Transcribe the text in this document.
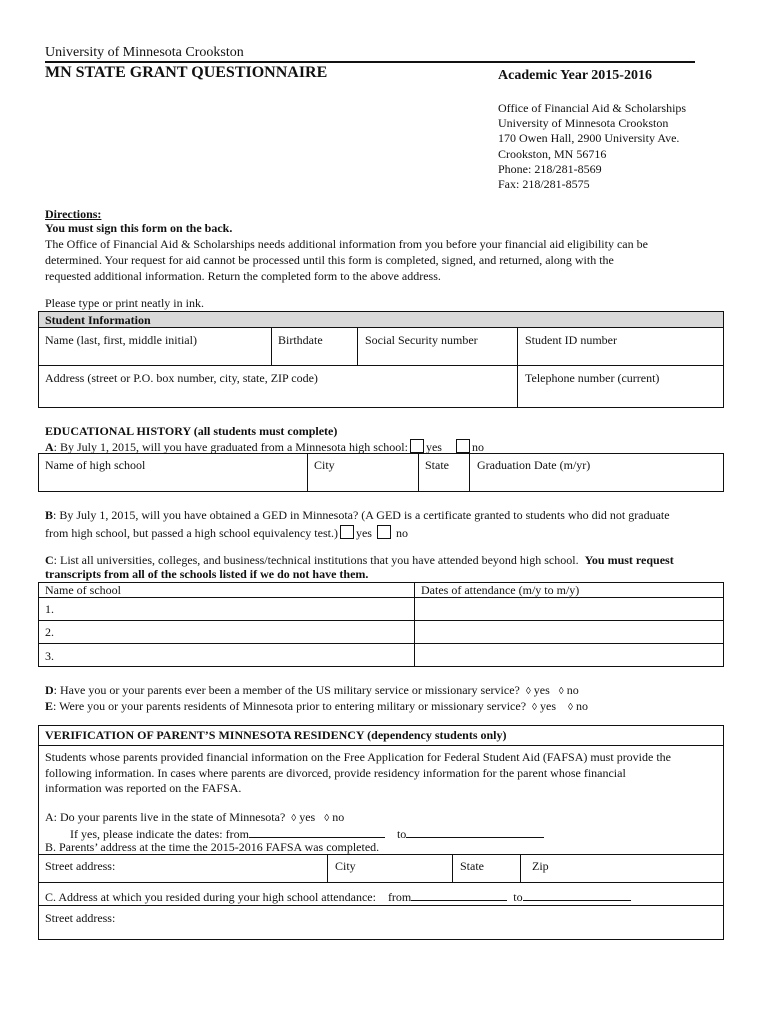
University of Minnesota Crookston
MN STATE GRANT QUESTIONNAIRE	Academic Year 2015-2016
Office of Financial Aid & Scholarships
University of Minnesota Crookston
170 Owen Hall, 2900 University Ave.
Crookston, MN 56716
Phone: 218/281-8569
Fax: 218/281-8575
Directions:
You must sign this form on the back.
The Office of Financial Aid & Scholarships needs additional information from you before your financial aid eligibility can be
determined. Your request for aid cannot be processed until this form is completed, signed, and returned, along with the
requested additional information. Return the completed form to the above address.
Please type or print neatly in ink.
Student Information
Name (last, first, middle initial)	Birthdate	Social Security number	Student ID number
Address (street or P.O. box number, city, state, ZIP code)	Telephone number (current)
EDUCATIONAL HISTORY (all students must complete)
A: By July 1, 2015, will you have graduated from a Minnesota high school: yes	no
Name of high school	City	State Graduation Date (m/yr)
B: By July 1, 2015, will you have obtained a GED in Minnesota? (A GED is a certificate granted to students who did not graduate
from high school, but passed a high school equivalency test.) yes no
C: List all universities, colleges, and business/technical institutions that you have attended beyond high school. You must request
transcripts from all of the schools listed if we do not have them.
Name of school	Dates of attendance (m/y to m/y)
1.
2.
3.
D: Have you or your parents ever been a member of the US military service or missionary service? ◊ yes ◊ no
E: Were you or your parents residents of Minnesota prior to entering military or missionary service? ◊ yes ◊ no
VERIFICATION OF PARENT’S MINNESOTA RESIDENCY (dependency students only)
Students whose parents provided financial information on the Free Application for Federal Student Aid (FAFSA) must provide the
following information. In cases where parents are divorced, provide residency information for the parent whose financial
information was reported on the FAFSA.
A: Do your parents live in the state of Minnesota? ◊ yes ◊ no
If yes, please indicate the dates: from	to
B. Parents’ address at the time the 2015-2016 FAFSA was completed.
Street address:	City	State	Zip
C. Address at which you resided during your high school attendance: from	to
Street address:
